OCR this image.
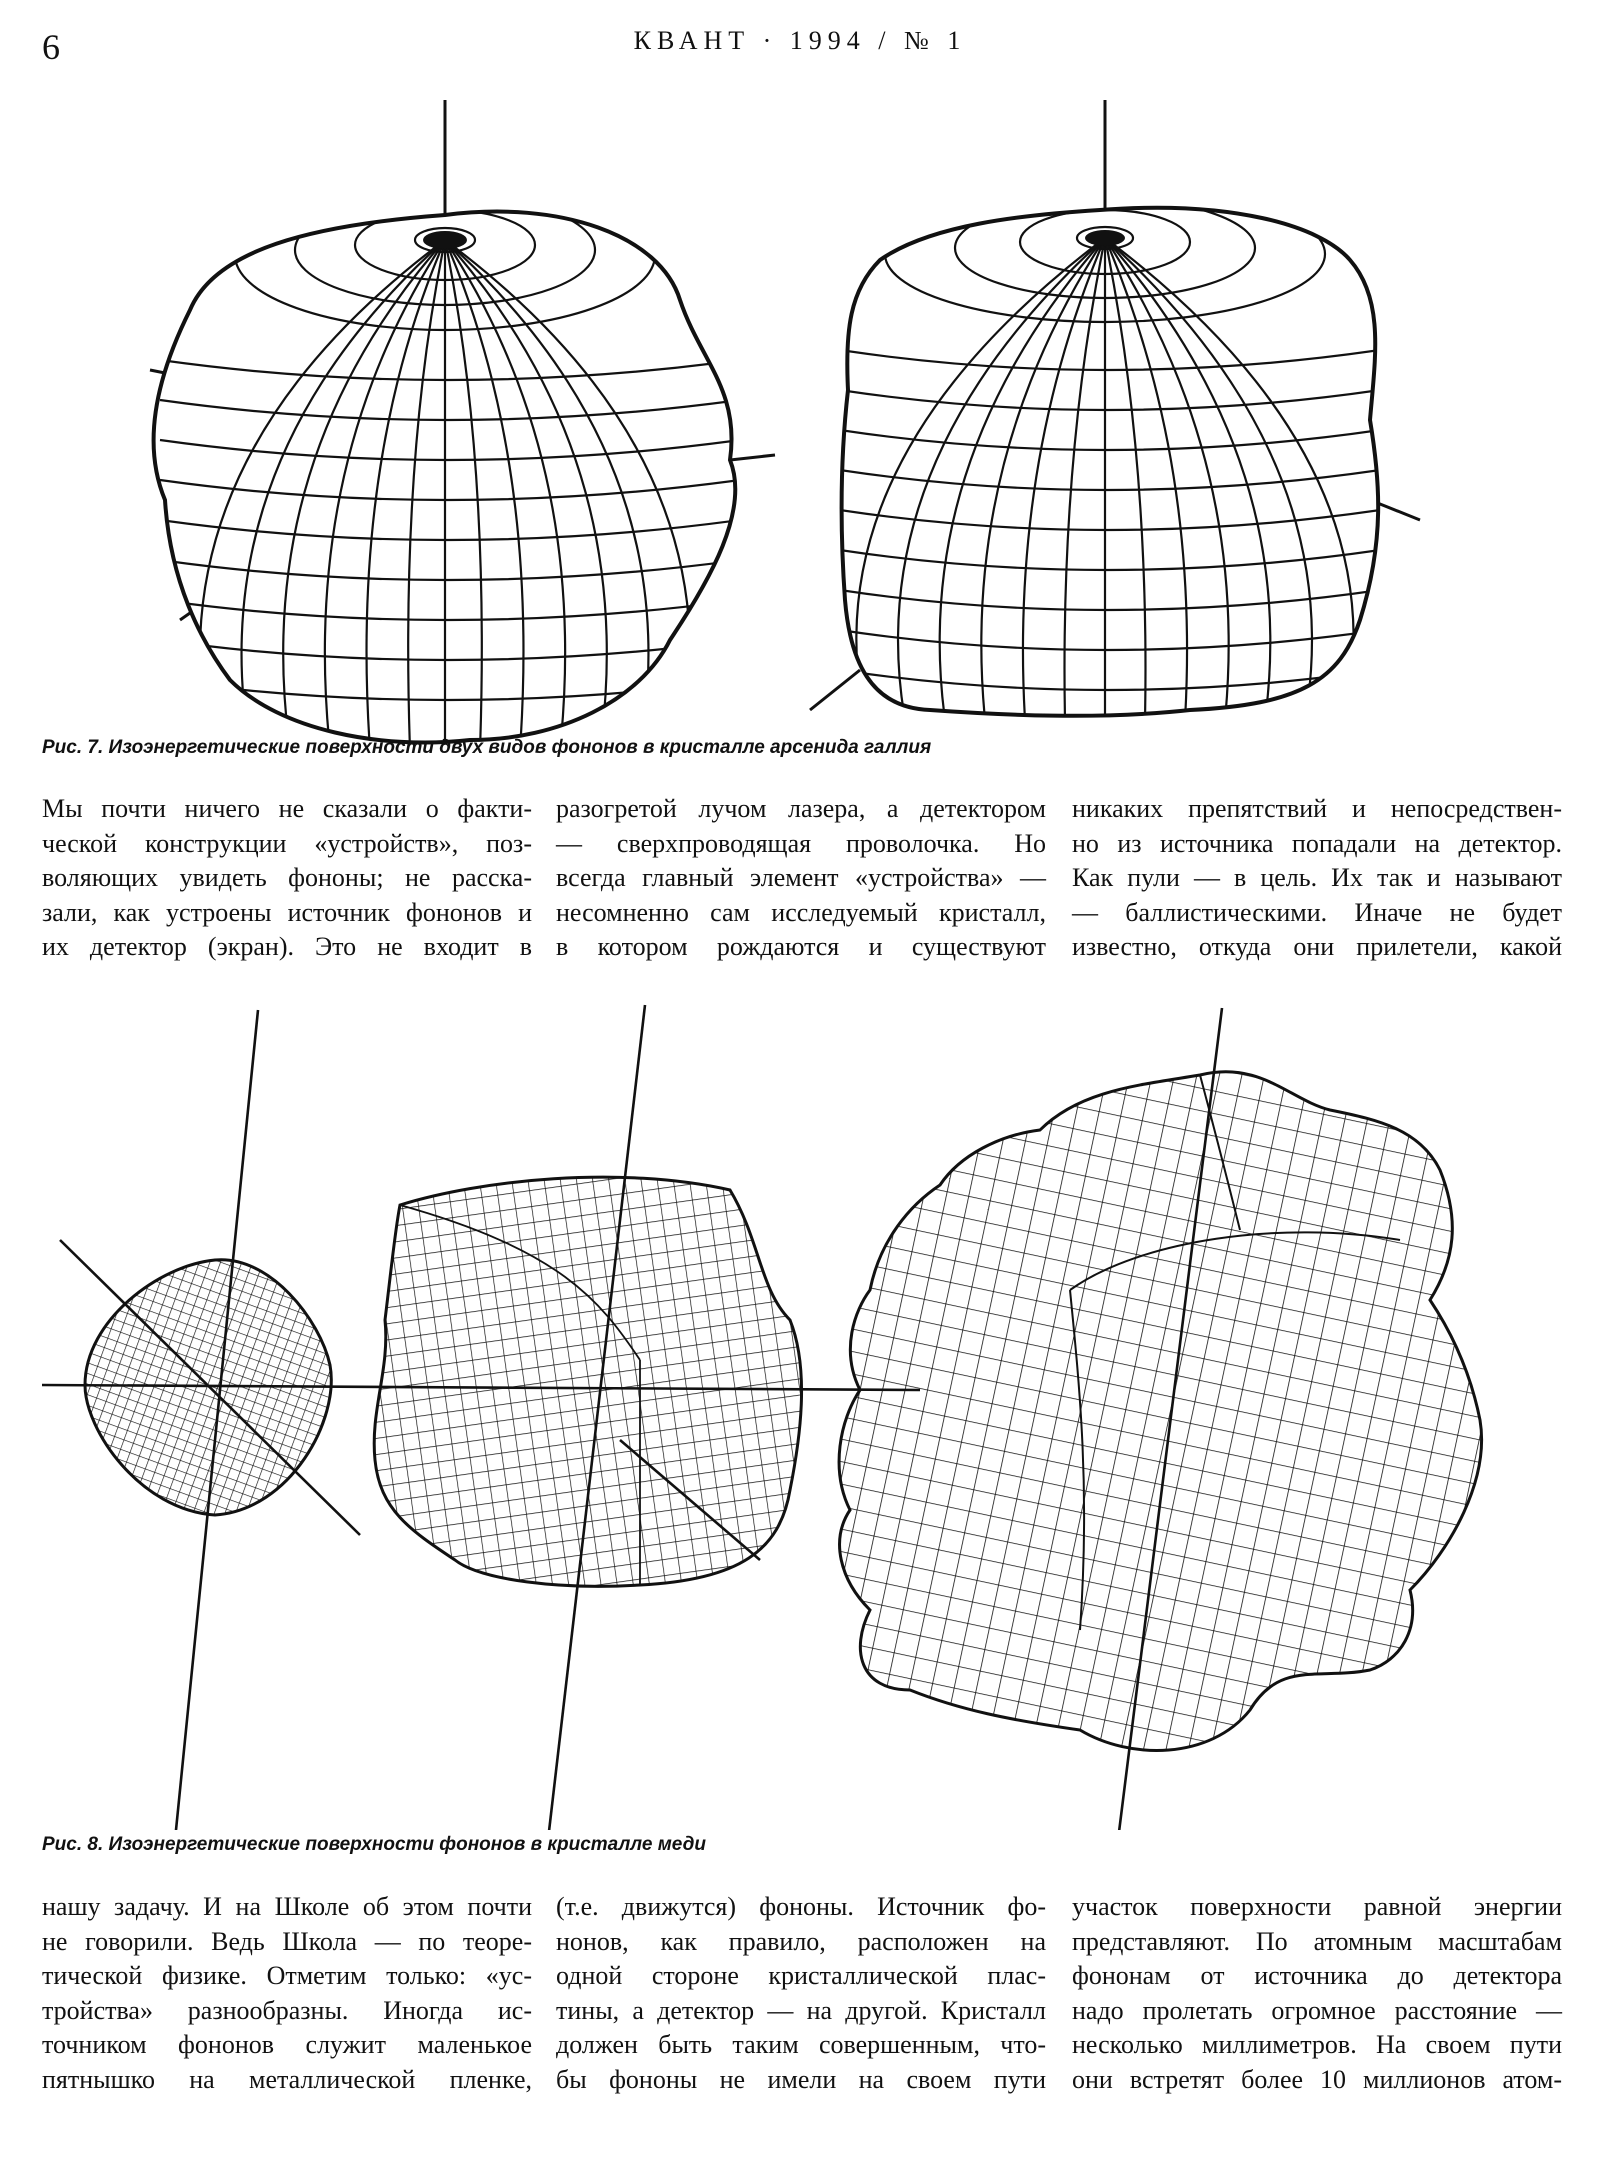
6	КВАНТ · 1994 / № 1
Рис. 7. Изоэнергетические поверхности двух видов фононов в кристалле арсенида галлия
Мы почти ничего не сказали о факти-
ческой конструкции «устройств», поз-
воляющих увидеть фононы; не расска-
зали, как устроены источник фононов и
их детектор (экран). Это не входит в
разогретой лучом лазера, а детектором
— сверхпроводящая проволочка. Но
всегда главный элемент «устройства» —
несомненно сам исследуемый кристалл,
в котором рождаются и существуют
никаких препятствий и непосредствен-
но из источника попадали на детектор.
Как пули — в цель. Их так и называют
— баллистическими. Иначе не будет
известно, откуда они прилетели, какой
Рис. 8. Изоэнергетические поверхности фононов в кристалле меди
нашу задачу. И на Школе об этом почти
не говорили. Ведь Школа — по теоре-
тической физике. Отметим только: «ус-
тройства» разнообразны. Иногда ис-
точником фононов служит маленькое
пятнышко на металлической пленке,
(т.е. движутся) фононы. Источник фо-
нонов, как правило, расположен на
одной стороне кристаллической плас-
тины, а детектор — на другой. Кристалл
должен быть таким совершенным, что-
бы фононы не имели на своем пути
участок поверхности равной энергии
представляют. По атомным масштабам
фононам от источника до детектора
надо пролетать огромное расстояние —
несколько миллиметров. На своем пути
они встретят более 10 миллионов атом-
